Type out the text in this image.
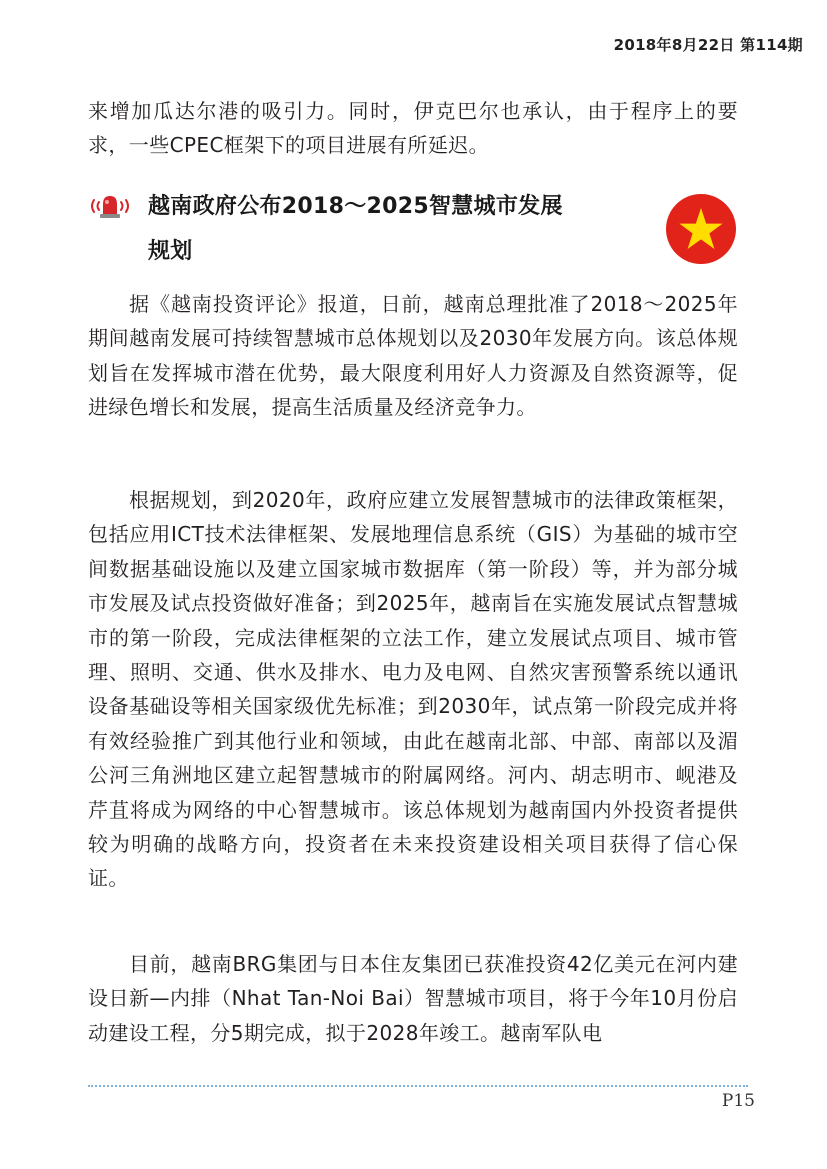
2018年8月22日 第114期

来增加瓜达尔港的吸引力。同时，伊克巴尔也承认，由于程序上的要求，一些CPEC框架下的项目进展有所延迟。

越南政府公布2018～2025智慧城市发展
规划

据《越南投资评论》报道，日前，越南总理批准了2018～2025年期间越南发展可持续智慧城市总体规划以及2030年发展方向。该总体规划旨在发挥城市潜在优势，最大限度利用好人力资源及自然资源等，促进绿色增长和发展，提高生活质量及经济竞争力。

根据规划，到2020年，政府应建立发展智慧城市的法律政策框架，包括应用ICT技术法律框架、发展地理信息系统（GIS）为基础的城市空间数据基础设施以及建立国家城市数据库（第一阶段）等，并为部分城市发展及试点投资做好准备；到2025年，越南旨在实施发展试点智慧城市的第一阶段，完成法律框架的立法工作，建立发展试点项目、城市管理、照明、交通、供水及排水、电力及电网、自然灾害预警系统以通讯设备基础设等相关国家级优先标准；到2030年，试点第一阶段完成并将有效经验推广到其他行业和领域，由此在越南北部、中部、南部以及湄公河三角洲地区建立起智慧城市的附属网络。河内、胡志明市、岘港及芹苴将成为网络的中心智慧城市。该总体规划为越南国内外投资者提供较为明确的战略方向，投资者在未来投资建设相关项目获得了信心保证。

目前，越南BRG集团与日本住友集团已获准投资42亿美元在河内建设日新—内排（Nhat Tan-Noi Bai）智慧城市项目，将于今年10月份启动建设工程，分5期完成，拟于2028年竣工。越南军队电

P15
